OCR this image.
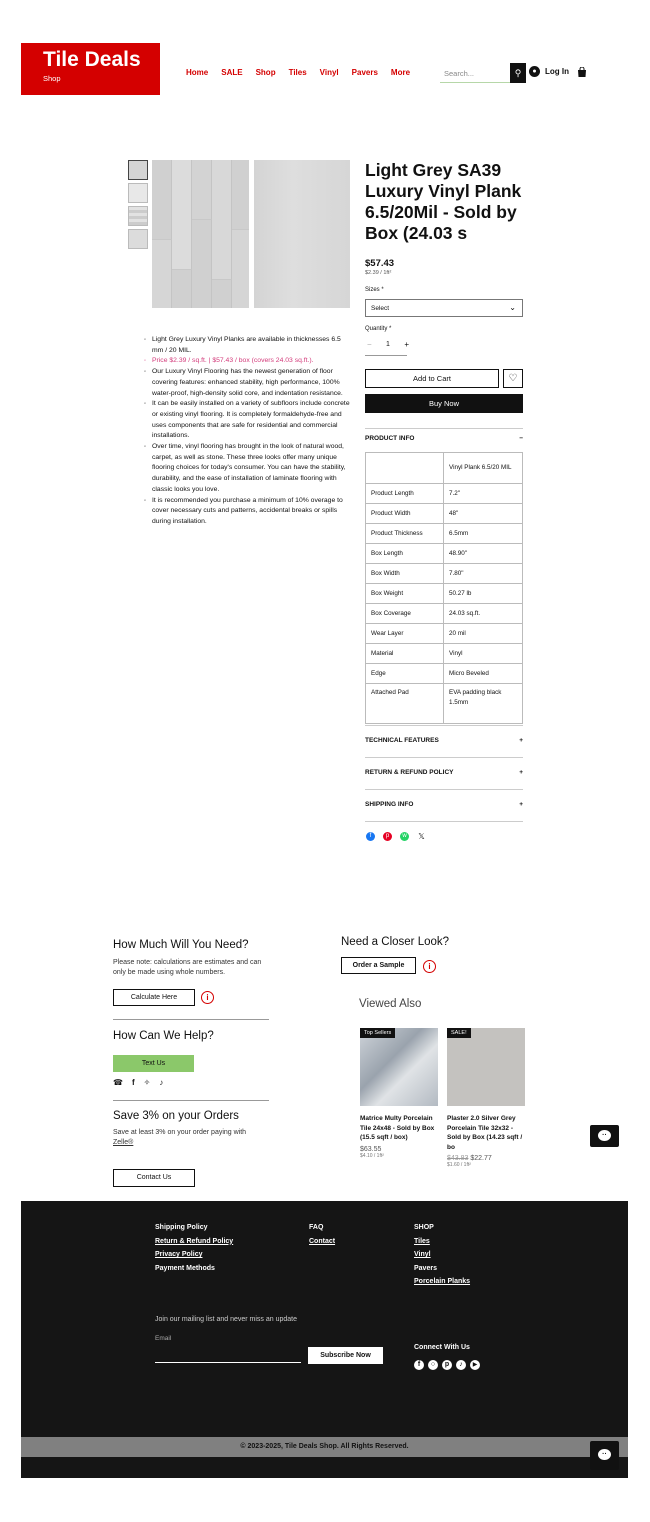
Tile Deals
Shop
Home SALE Shop Tiles Vinyl Pavers More	Search...	⚲	●	Log In
◦ Light Grey Luxury Vinyl Planks are available in thicknesses 6.5 mm / 20 MIL.
◦ Price $2.39 / sq.ft. | $57.43 / box (covers 24.03 sq.ft.).
◦ Our Luxury Vinyl Flooring has the newest generation of floor covering features: enhanced stability, high performance, 100% water-proof, high-density solid core, and indentation resistance.
◦ It can be easily installed on a variety of subfloors include concrete or existing vinyl flooring. It is completely formaldehyde-free and uses components that are safe for residential and commercial installations.
◦ Over time, vinyl flooring has brought in the look of natural wood, carpet, as well as stone. These three looks offer many unique flooring choices for today's consumer. You can have the stability, durability, and the ease of installation of laminate flooring with classic looks you love.
◦ It is recommended you purchase a minimum of 10% overage to cover necessary cuts and patterns, accidental breaks or spills during installation.
Light Grey SA39 Luxury Vinyl Plank 6.5/20Mil - Sold by Box (24.03 s
$57.43
$2.39 / 1ft²
Sizes *
Select	⌄
Quantity *
− 1 +
Add to Cart	♡
Buy Now
PRODUCT INFO	−
	Vinyl Plank 6.5/20 MIL
Product Length	7.2"
Product Width	48"
Product Thickness	6.5mm
Box Length	48.90"
Box Width	7.80"
Box Weight	50.27 lb
Box Coverage	24.03 sq.ft.
Wear Layer	20 mil
Material	Vinyl
Edge	Micro Beveled
Attached Pad	EVA padding black 1.5mm
TECHNICAL FEATURES	+
RETURN & REFUND POLICY	+
SHIPPING INFO	+
f	p	w 𝕏
How Much Will You Need?
Please note: calculations are estimates and can only be made using whole numbers.
Calculate Here	i
How Can We Help?
Text Us
☎ f ✧ ♪
Save 3% on your Orders
Save at least 3% on your order paying with Zelle®
Contact Us
Need a Closer Look?
Order a Sample	i
Viewed Also
Top Sellers
Matrice Multy Porcelain Tile 24x48 - Sold by Box (15.5 sqft / box)
$63.55
$4.10 / 1ft²
SALE!
Plaster 2.0 Silver Grey Porcelain Tile 32x32 - Sold by Box (14.23 sqft / bo
$43.83 $22.77
$1.60 / 1ft²
··
Shipping Policy
Return & Refund Policy
Privacy Policy
Payment Methods
FAQ
Contact
SHOP
Tiles
Vinyl
Pavers
Porcelain Planks
Join our mailing list and never miss an update
Email
Subscribe Now
Connect With Us
f	○	p	♪	▶
© 2023-2025, Tile Deals Shop. All Rights Reserved.
··
